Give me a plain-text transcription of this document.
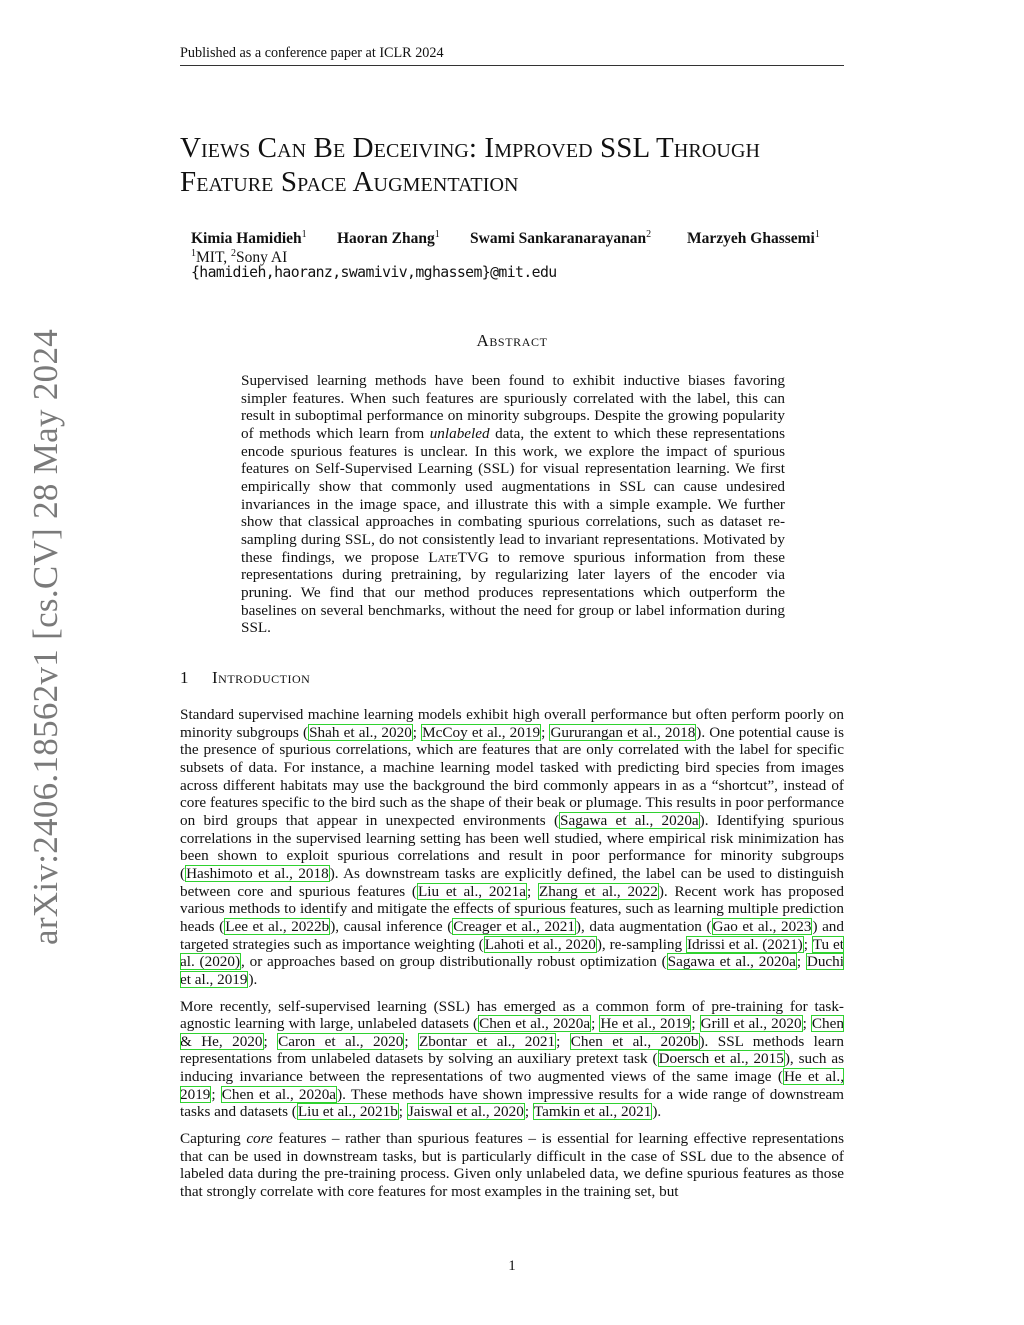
Published as a conference paper at ICLR 2024
Views Can Be Deceiving: Improved SSL Through
Feature Space Augmentation
Kimia Hamidieh$^1$ Haoran Zhang$^1$ Swami Sankaranarayanan$^2$ Marzyeh Ghassemi$^1$
$^1$MIT, $^2$Sony AI
{hamidieh,haoranz,swamiviv,mghassem}@mit.edu
Abstract
Supervised learning methods have been found to exhibit inductive biases favoring simpler features. When such features are spuriously correlated with the label, this can result in suboptimal performance on minority subgroups. Despite the growing popularity of methods which learn from unlabeled data, the extent to which these representations encode spurious features is unclear. In this work, we explore the impact of spurious features on Self-Supervised Learning (SSL) for visual representation learning. We first empirically show that commonly used augmentations in SSL can cause undesired invariances in the image space, and illustrate this with a simple example. We further show that classical approaches in combating spurious correlations, such as dataset re-sampling during SSL, do not consistently lead to invariant representations. Motivated by these findings, we propose LateTVG to remove spurious information from these representations during pretraining, by regularizing later layers of the encoder via pruning. We find that our method produces representations which outperform the baselines on several benchmarks, without the need for group or label information during SSL.
1 Introduction

Standard supervised machine learning models exhibit high overall performance but often perform poorly on minority subgroups (Shah et al., 2020; McCoy et al., 2019; Gururangan et al., 2018). One potential cause is the presence of spurious correlations, which are features that are only correlated with the label for specific subsets of data. For instance, a machine learning model tasked with predicting bird species from images across different habitats may use the background the bird commonly appears in as a “shortcut”, instead of core features specific to the bird such as the shape of their beak or plumage. This results in poor performance on bird groups that appear in unexpected environments (Sagawa et al., 2020a). Identifying spurious correlations in the supervised learning setting has been well studied, where empirical risk minimization has been shown to exploit spurious correlations and result in poor performance for minority subgroups (Hashimoto et al., 2018). As downstream tasks are explicitly defined, the label can be used to distinguish between core and spurious features (Liu et al., 2021a; Zhang et al., 2022). Recent work has proposed various methods to identify and mitigate the effects of spurious features, such as learning multiple prediction heads (Lee et al., 2022b), causal inference (Creager et al., 2021), data augmentation (Gao et al., 2023) and targeted strategies such as importance weighting (Lahoti et al., 2020), re-sampling Idrissi et al. (2021); Tu et al. (2020), or approaches based on group distributionally robust optimization (Sagawa et al., 2020a; Duchi et al., 2019).

More recently, self-supervised learning (SSL) has emerged as a common form of pre-training for task-agnostic learning with large, unlabeled datasets (Chen et al., 2020a; He et al., 2019; Grill et al., 2020; Chen & He, 2020; Caron et al., 2020; Zbontar et al., 2021; Chen et al., 2020b). SSL methods learn representations from unlabeled datasets by solving an auxiliary pretext task (Doersch et al., 2015), such as inducing invariance between the representations of two augmented views of the same image (He et al., 2019; Chen et al., 2020a). These methods have shown impressive results for a wide range of downstream tasks and datasets (Liu et al., 2021b; Jaiswal et al., 2020; Tamkin et al., 2021).

Capturing core features – rather than spurious features – is essential for learning effective representations that can be used in downstream tasks, but is particularly difficult in the case of SSL due to the absence of labeled data during the pre-training process. Given only unlabeled data, we define spurious features as those that strongly correlate with core features for most examples in the training set, but

1
arXiv:2406.18562v1 [cs.CV] 28 May 2024
